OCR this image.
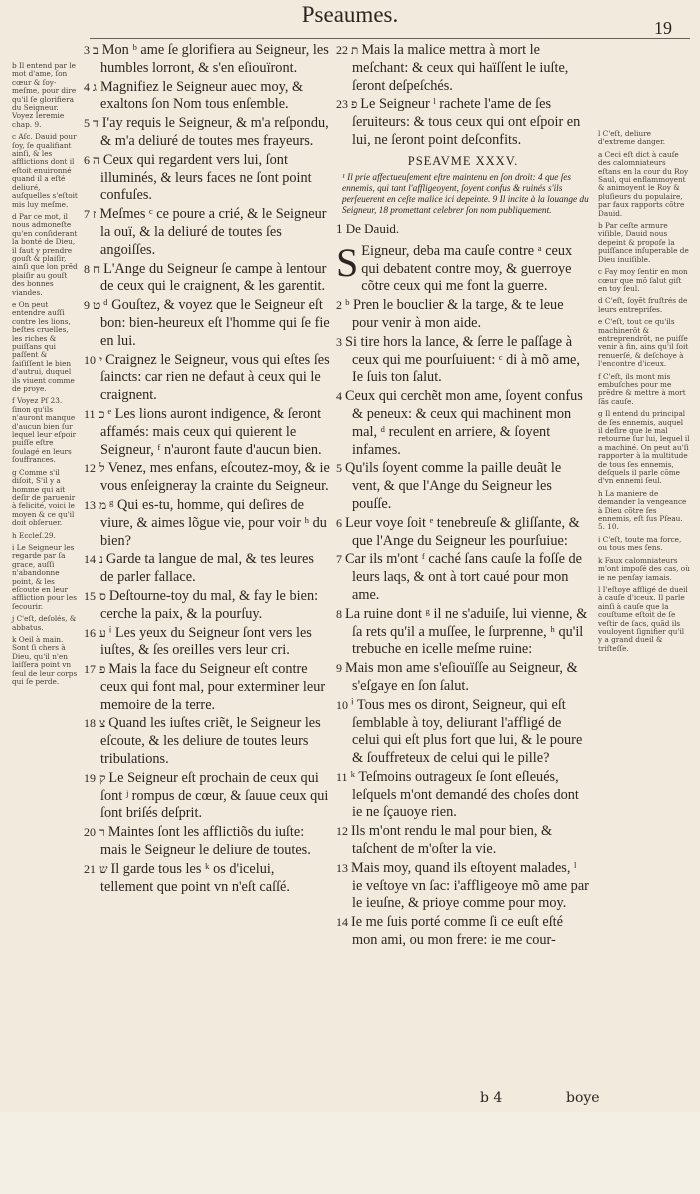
Pseaumes.
19
b Il entend par le mot d'ame, ſon cœur & ſoy-meſme, pour dire qu'il ſe glorifiera du Seigneur. Voyez Ieremie chap. 9.
c Aſc. Dauid pour ſoy, ſe qualifiant ainſi, & les afflictions dont il eſtoit enuironné quand il a eſté deliuré, auſquelles s'eſtoit mis luy meſme.
d Par ce mot, il nous admoneſte qu'en conſiderant la bonté de Dieu, il faut y prendre gouſt & plaiſir, ainſi que lon prẽd plaiſir au gouſt des bonnes viandes.
e On peut entendre auſſi contre les lions, beſtes cruelles, les riches & puiſſans qui paſſent & ſaiſiſſent le bien d'autrui, duquel ils viuent comme de proye.
f Voyez Pſ 23. ſinon qu'ils n'auront manque d'aucun bien ſur lequel leur eſpoir puiſſe eſtre ſoulagé en leurs ſouffrances.
g Comme s'il diſoit, S'il y a homme qui ait deſir de paruenir à felicité, voici le moyen & ce qu'il doit obſeruer.
h Eccleſ.29.
i Le Seigneur les regarde par ſa grace, auſſi n'abandonne point, & les eſcoute en leur affliction pour les ſecourir.
j C'eſt, deſolés, & abbatus.
k Oeil à main. Sont ſi chers à Dieu, qu'il n'en laiſſera point vn ſeul de leur corps qui ſe perde.

3 ב Mon ᵇ ame ſe glorifiera au Seigneur, les humbles lorront, & s'en eſiouïront.

4 ג Magnifiez le Seigneur auec moy, & exaltons ſon Nom tous enſemble.

5 ד I'ay requis le Seigneur, & m'a reſpondu, & m'a deliuré de toutes mes frayeurs.

6 ה Ceux qui regardent vers lui, ſont illuminés, & leurs faces ne ſont point confuſes.

7 ז Meſmes ᶜ ce poure a crié, & le Seigneur la ouï, & la deliuré de toutes ſes angoiſſes.

8 ח L'Ange du Seigneur ſe campe à lentour de ceux qui le craignent, & les garentit.

9 ט ᵈ Gouſtez, & voyez que le Seigneur eſt bon: bien-heureux eſt l'homme qui ſe fie en lui.

10 י Craignez le Seigneur, vous qui eſtes ſes ſaincts: car rien ne defaut à ceux qui le craignent.

11 כ ᵉ Les lions auront indigence, & ſeront affamés: mais ceux qui quierent le Seigneur, ᶠ n'auront faute d'aucun bien.

12 ל Venez, mes enfans, eſcoutez-moy, & ie vous enſeigneray la crainte du Seigneur.

13 מ ᵍ Qui es-tu, homme, qui deſires de viure, & aimes lõgue vie, pour voir ʰ du bien?

14 נ Garde ta langue de mal, & tes leures de parler fallace.

15 ס Deſtourne-toy du mal, & fay le bien: cerche la paix, & la pourſuy.

16 ע ⁱ Les yeux du Seigneur ſont vers les iuſtes, & ſes oreilles vers leur cri.

17 פ Mais la face du Seigneur eſt contre ceux qui font mal, pour exterminer leur memoire de la terre.

18 צ Quand les iuſtes criẽt, le Seigneur les eſcoute, & les deliure de toutes leurs tribulations.

19 ק Le Seigneur eſt prochain de ceux qui ſont ʲ rompus de cœur, & ſauue ceux qui ſont briſés deſprit.

20 ר Maintes ſont les afflictiõs du iuſte: mais le Seigneur le deliure de toutes.

21 ש Il garde tous les ᵏ os d'icelui, tellement que point vn n'eſt caſſé.

22 ת Mais la malice mettra à mort le meſchant: & ceux qui haïſſent le iuſte, ſeront deſpeſchés.

23 פ Le Seigneur ˡ rachete l'ame de ſes ſeruiteurs: & tous ceux qui ont eſpoir en lui, ne ſeront point deſconfits.

PSEAVME XXXV.
¹ Il prie affectueuſement eſtre maintenu en ſon droit: 4 que ſes ennemis, qui tant l'affligeoyent, ſoyent confus & ruinés s'ils perſeuerent en ceſte malice ici depeinte. 9 Il incite à la louange du Seigneur, 18 promettant celebrer ſon nom publiquement.
1 De Dauid.

S Eigneur, deba ma cauſe contre ᵃ ceux qui debatent contre moy, & guerroye cõtre ceux qui me font la guerre.

2 ᵇ Pren le bouclier & la targe, & te leue pour venir à mon aide.

3 Si tire hors la lance, & ſerre le paſſage à ceux qui me pourſuiuent: ᶜ di à mõ ame, Ie ſuis ton ſalut.

4 Ceux qui cerchẽt mon ame, ſoyent confus & peneux: & ceux qui machinent mon mal, ᵈ reculent en arriere, & ſoyent infames.

5 Qu'ils ſoyent comme la paille deuãt le vent, & que l'Ange du Seigneur les pouſſe.

6 Leur voye ſoit ᵉ tenebreuſe & gliſſante, & que l'Ange du Seigneur les pourſuiue:

7 Car ils m'ont ᶠ caché ſans cauſe la foſſe de leurs laqs, & ont à tort caué pour mon ame.

8 La ruine dont ᵍ il ne s'aduiſe, lui vienne, & ſa rets qu'il a muſſee, le ſurprenne, ʰ qu'il trebuche en icelle meſme ruine:

9 Mais mon ame s'eſiouïſſe au Seigneur, & s'eſgaye en ſon ſalut.

10 ⁱ Tous mes os diront, Seigneur, qui eſt ſemblable à toy, deliurant l'affligé de celui qui eſt plus fort que lui, & le poure & ſouffreteux de celui qui le pille?

11 ᵏ Teſmoins outrageux ſe ſont eſleués, leſquels m'ont demandé des choſes dont ie ne ſçauoye rien.

12 Ils m'ont rendu le mal pour bien, & taſchent de m'oſter la vie.

13 Mais moy, quand ils eſtoyent malades, ˡ ie veſtoye vn ſac: i'affligeoye mõ ame par le ieuſne, & prioye comme pour moy.

14 Ie me ſuis porté comme ſi ce euſt eſté mon ami, ou mon frere: ie me cour-

l C'eſt, deliure d'extreme danger.
a Ceci eſt dict à cauſe des calomniateurs eſtans en la cour du Roy Saul, qui enflammoyent & animoyent le Roy & pluſieurs du populaire, par faux rapports cõtre Dauid.
b Par ceſte armure viſible, Dauid nous depeint & propoſe la puiſſance inſuperable de Dieu inuiſible.
c Fay moy ſentir en mon cœur que mõ ſalut giſt en toy ſeul.
d C'eſt, ſoyẽt fruſtrés de leurs entrepriſes.
e C'eſt, tout ce qu'ils machinerõt & entreprendrõt, ne puiſſe venir à fin, ains qu'il ſoit renuerſé, & deſchoye à l'encontre d'iceux.
f C'eſt, ils mont mis embuſches pour me prẽdre & mettre à mort ſãs cauſe.
g Il entend du principal de ſes ennemis, auquel il deſire que le mal retourne ſur lui, lequel il a machiné. On peut au'ſi rapporter à la multitude de tous ſes ennemis, deſquels il parle cõme d'vn ennemi ſeul.
h La maniere de demander la vengeance à Dieu cõtre ſes ennemis, eſt ſus Pſeau. 5. 10.
i C'eſt, toute ma force, ou tous mes ſens.
k Faux calomniateurs m'ont impoſé des cas, où ie ne penſay iamais.
l I'eſtoye affligé de dueil à cauſe d'iceux. Il parle ainſi à cauſe que la couſtume eſtoit de ſe veſtir de ſacs, quãd ils vouloyent ſignifier qu'il y a grand dueil & triſteſſe.
b 4	boye
